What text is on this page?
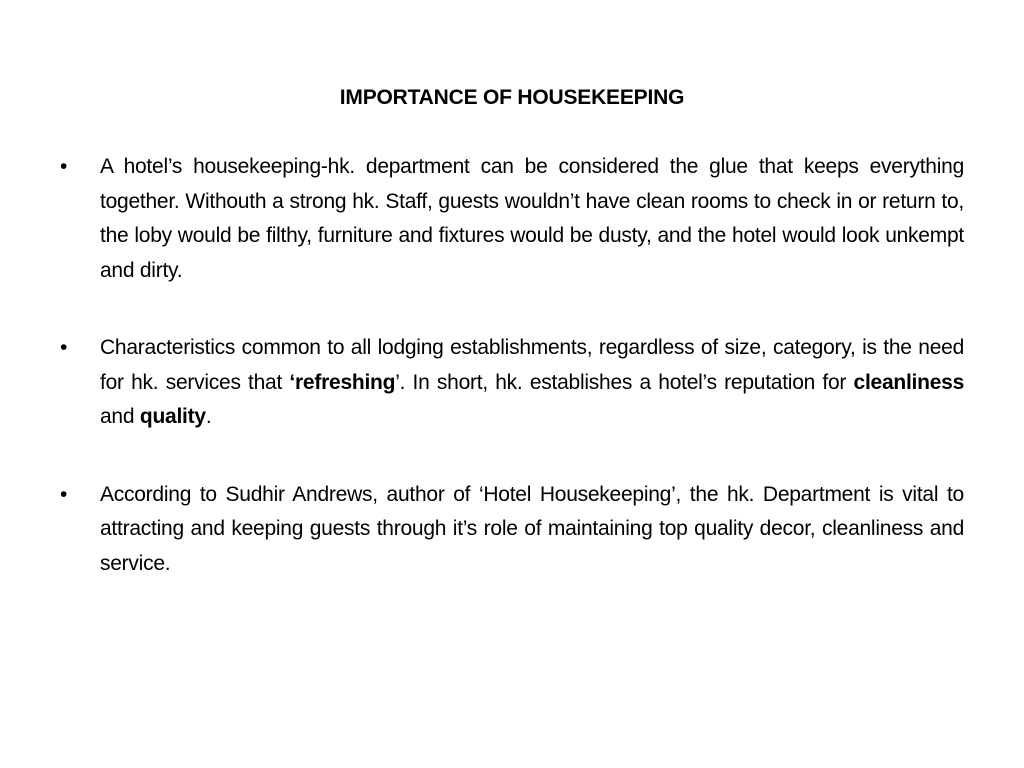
IMPORTANCE OF HOUSEKEEPING
•	A hotel’s housekeeping-hk. department can be considered the glue that keeps everything together. Withouth a strong hk. Staff, guests wouldn’t have clean rooms to check in or return to, the loby would be filthy, furniture and fixtures would be dusty, and the hotel would look unkempt and dirty.
•	Characteristics common to all lodging establishments, regardless of size, category, is the need for hk. services that ‘refreshing’. In short, hk. establishes a hotel’s reputation for cleanliness and quality.
•	According to Sudhir Andrews, author of ‘Hotel Housekeeping’, the hk. Department is vital to attracting and keeping guests through it’s role of maintaining top quality decor, cleanliness and service.
